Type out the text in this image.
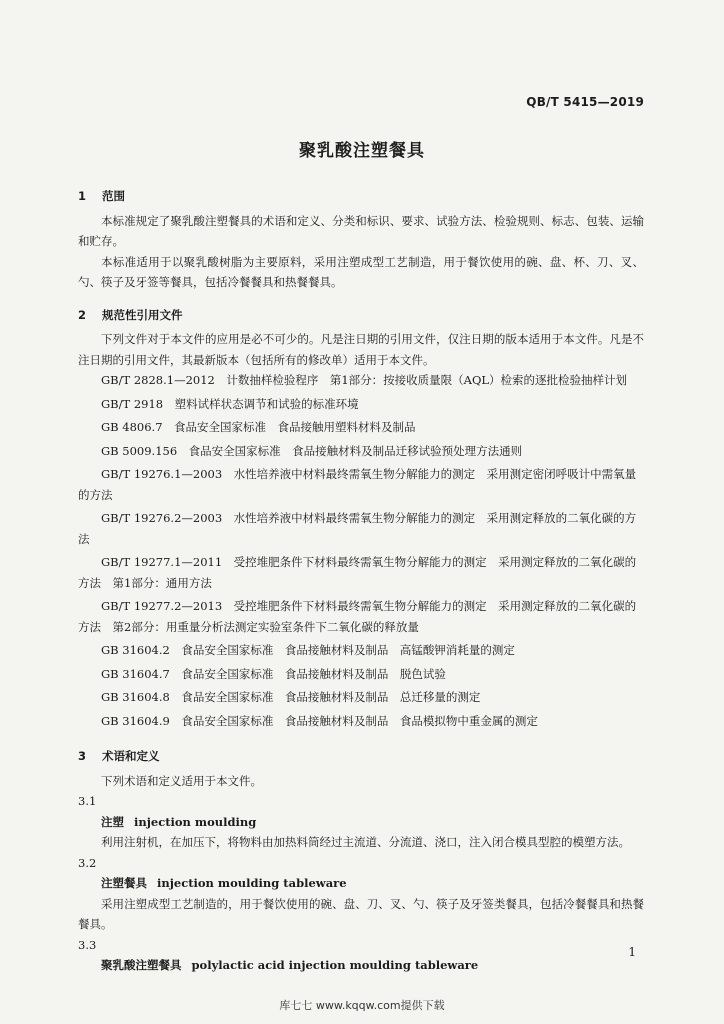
QB/T 5415—2019
聚乳酸注塑餐具
1 范围

本标准规定了聚乳酸注塑餐具的术语和定义、分类和标识、要求、试验方法、检验规则、标志、包装、运输和贮存。

本标准适用于以聚乳酸树脂为主要原料，采用注塑成型工艺制造，用于餐饮使用的碗、盘、杯、刀、叉、勺、筷子及牙签等餐具，包括冷餐餐具和热餐餐具。

2 规范性引用文件

下列文件对于本文件的应用是必不可少的。凡是注日期的引用文件，仅注日期的版本适用于本文件。凡是不注日期的引用文件，其最新版本（包括所有的修改单）适用于本文件。

GB/T 2828.1—2012　计数抽样检验程序　第1部分：按接收质量限（AQL）检索的逐批检验抽样计划

GB/T 2918　塑料试样状态调节和试验的标准环境

GB 4806.7　食品安全国家标准　食品接触用塑料材料及制品

GB 5009.156　食品安全国家标准　食品接触材料及制品迁移试验预处理方法通则

GB/T 19276.1—2003　水性培养液中材料最终需氧生物分解能力的测定　采用测定密闭呼吸计中需氧量的方法

GB/T 19276.2—2003　水性培养液中材料最终需氧生物分解能力的测定　采用测定释放的二氧化碳的方法

GB/T 19277.1—2011　受控堆肥条件下材料最终需氧生物分解能力的测定　采用测定释放的二氧化碳的方法　第1部分：通用方法

GB/T 19277.2—2013　受控堆肥条件下材料最终需氧生物分解能力的测定　采用测定释放的二氧化碳的方法　第2部分：用重量分析法测定实验室条件下二氧化碳的释放量

GB 31604.2　食品安全国家标准　食品接触材料及制品　高锰酸钾消耗量的测定

GB 31604.7　食品安全国家标准　食品接触材料及制品　脱色试验

GB 31604.8　食品安全国家标准　食品接触材料及制品　总迁移量的测定

GB 31604.9　食品安全国家标准　食品接触材料及制品　食品模拟物中重金属的测定

3 术语和定义

下列术语和定义适用于本文件。

3.1

注塑 injection moulding

利用注射机，在加压下，将物料由加热料筒经过主流道、分流道、浇口，注入闭合模具型腔的模塑方法。

3.2

注塑餐具 injection moulding tableware

采用注塑成型工艺制造的，用于餐饮使用的碗、盘、刀、叉、勺、筷子及牙签类餐具，包括冷餐餐具和热餐餐具。

3.3

聚乳酸注塑餐具 polylactic acid injection moulding tableware

1
库七七 www.kqqw.com提供下载
